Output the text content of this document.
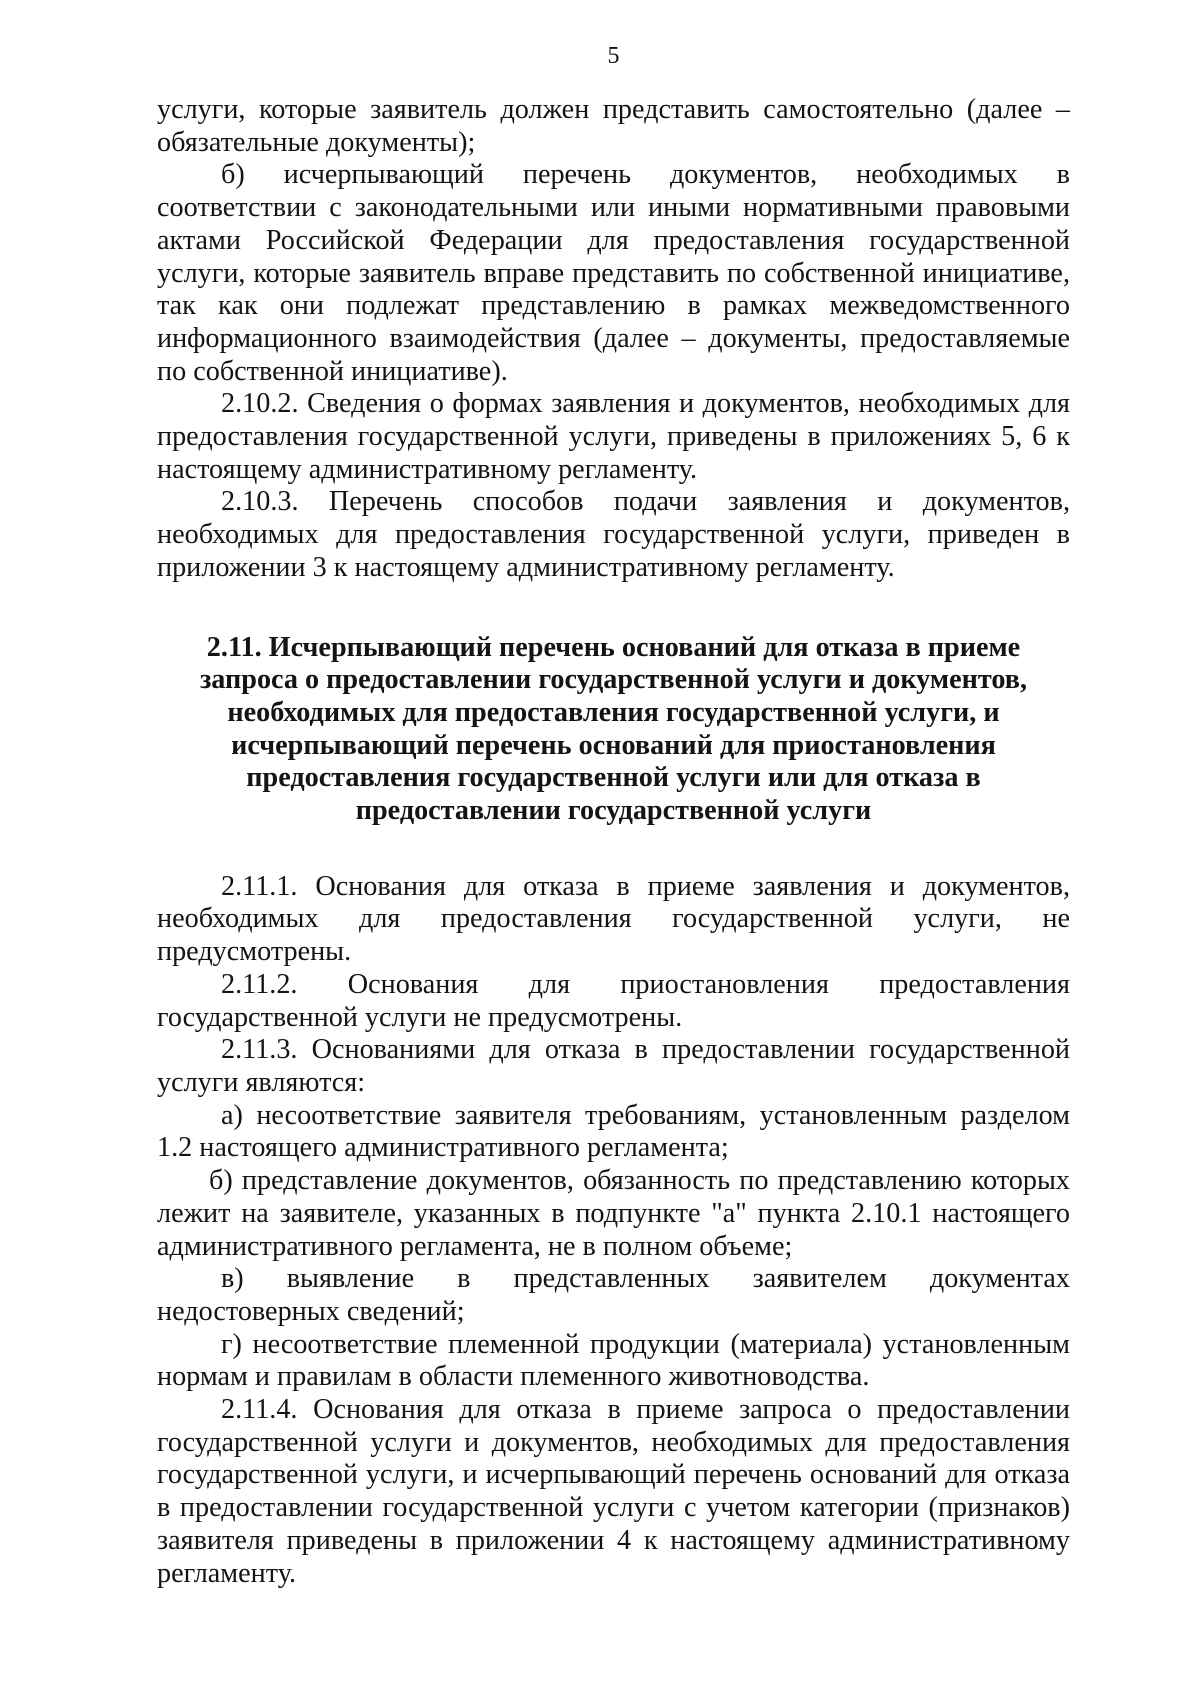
5

услуги, которые заявитель должен представить самостоятельно (далее – обязательные документы);

б) исчерпывающий перечень документов, необходимых в соответствии с законодательными или иными нормативными правовыми актами Российской Федерации для предоставления государственной услуги, которые заявитель вправе представить по собственной инициативе, так как они подлежат представлению в рамках межведомственного информационного взаимодействия (далее – документы, предоставляемые по собственной инициативе).

2.10.2. Сведения о формах заявления и документов, необходимых для предоставления государственной услуги, приведены в приложениях 5, 6 к настоящему административному регламенту.

2.10.3. Перечень способов подачи заявления и документов, необходимых для предоставления государственной услуги, приведен в приложении 3 к настоящему административному регламенту.

2.11. Исчерпывающий перечень оснований для отказа в приеме
запроса о предоставлении государственной услуги и документов,
необходимых для предоставления государственной услуги, и
исчерпывающий перечень оснований для приостановления
предоставления государственной услуги или для отказа в
предоставлении государственной услуги

2.11.1. Основания для отказа в приеме заявления и документов, необходимых для предоставления государственной услуги, не предусмотрены.

2.11.2. Основания для приостановления предоставления государственной услуги не предусмотрены.

2.11.3. Основаниями для отказа в предоставлении государственной услуги являются:

а) несоответствие заявителя требованиям, установленным разделом 1.2 настоящего административного регламента;

б) представление документов, обязанность по представлению которых лежит на заявителе, указанных в подпункте "а" пункта 2.10.1 настоящего административного регламента, не в полном объеме;

в) выявление в представленных заявителем документах недостоверных сведений;

г) несоответствие племенной продукции (материала) установленным нормам и правилам в области племенного животноводства.

2.11.4. Основания для отказа в приеме запроса о предоставлении государственной услуги и документов, необходимых для предоставления государственной услуги, и исчерпывающий перечень оснований для отказа в предоставлении государственной услуги с учетом категории (признаков) заявителя приведены в приложении 4 к настоящему административному регламенту.
